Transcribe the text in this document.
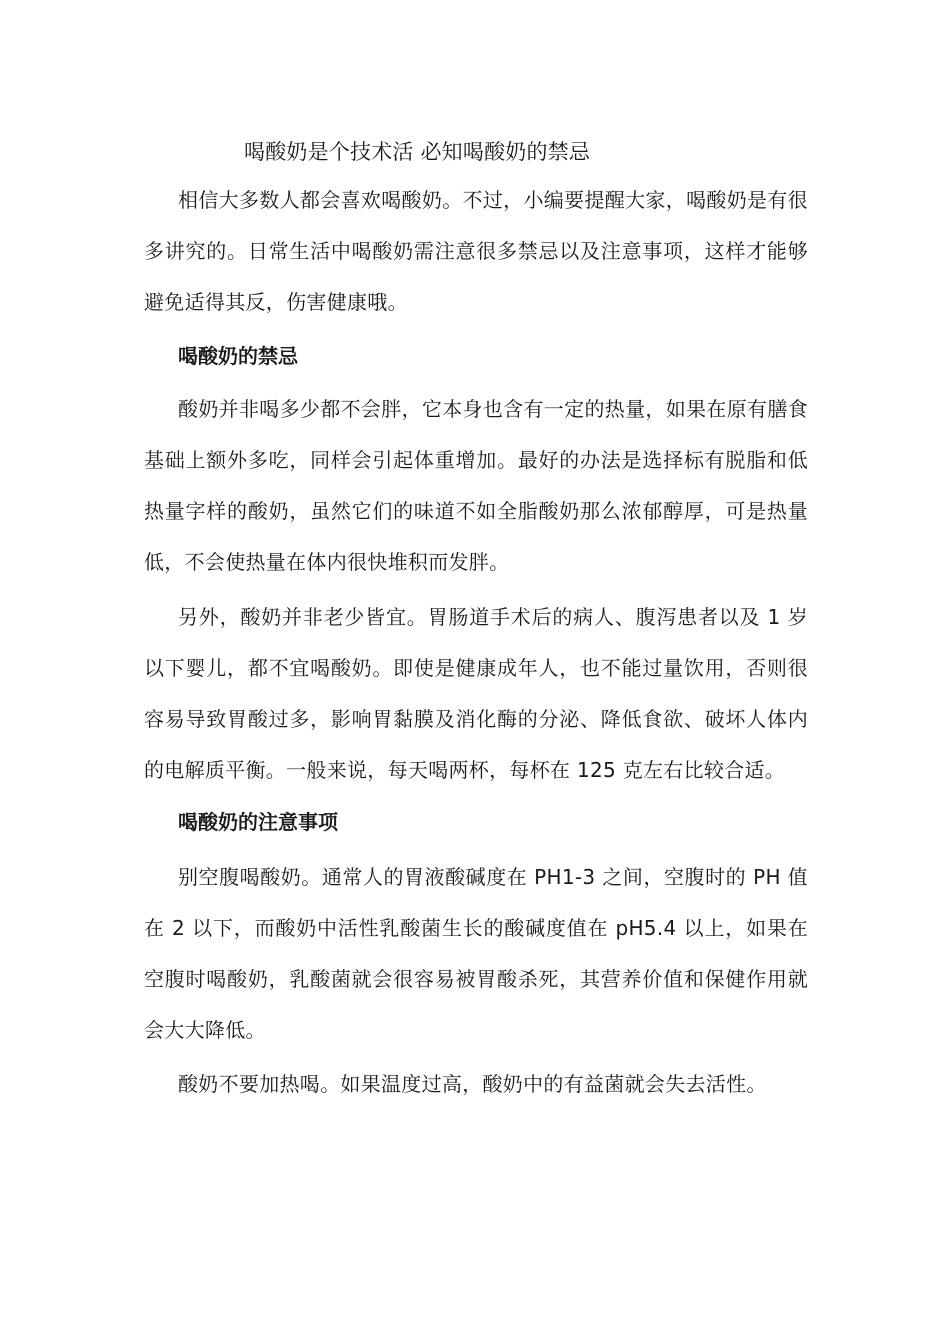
喝酸奶是个技术活 必知喝酸奶的禁忌

相信大多数人都会喜欢喝酸奶。不过，小编要提醒大家，喝酸奶是有很多讲究的。日常生活中喝酸奶需注意很多禁忌以及注意事项，这样才能够避免适得其反，伤害健康哦。

喝酸奶的禁忌

酸奶并非喝多少都不会胖，它本身也含有一定的热量，如果在原有膳食基础上额外多吃，同样会引起体重增加。最好的办法是选择标有脱脂和低热量字样的酸奶，虽然它们的味道不如全脂酸奶那么浓郁醇厚，可是热量低，不会使热量在体内很快堆积而发胖。

另外，酸奶并非老少皆宜。胃肠道手术后的病人、腹泻患者以及 1 岁以下婴儿，都不宜喝酸奶。即使是健康成年人，也不能过量饮用，否则很容易导致胃酸过多，影响胃黏膜及消化酶的分泌、降低食欲、破坏人体内的电解质平衡。一般来说，每天喝两杯，每杯在 125 克左右比较合适。

喝酸奶的注意事项

别空腹喝酸奶。通常人的胃液酸碱度在 PH1-3 之间，空腹时的 PH 值在 2 以下，而酸奶中活性乳酸菌生长的酸碱度值在 pH5.4 以上，如果在空腹时喝酸奶，乳酸菌就会很容易被胃酸杀死，其营养价值和保健作用就会大大降低。

酸奶不要加热喝。如果温度过高，酸奶中的有益菌就会失去活性。
